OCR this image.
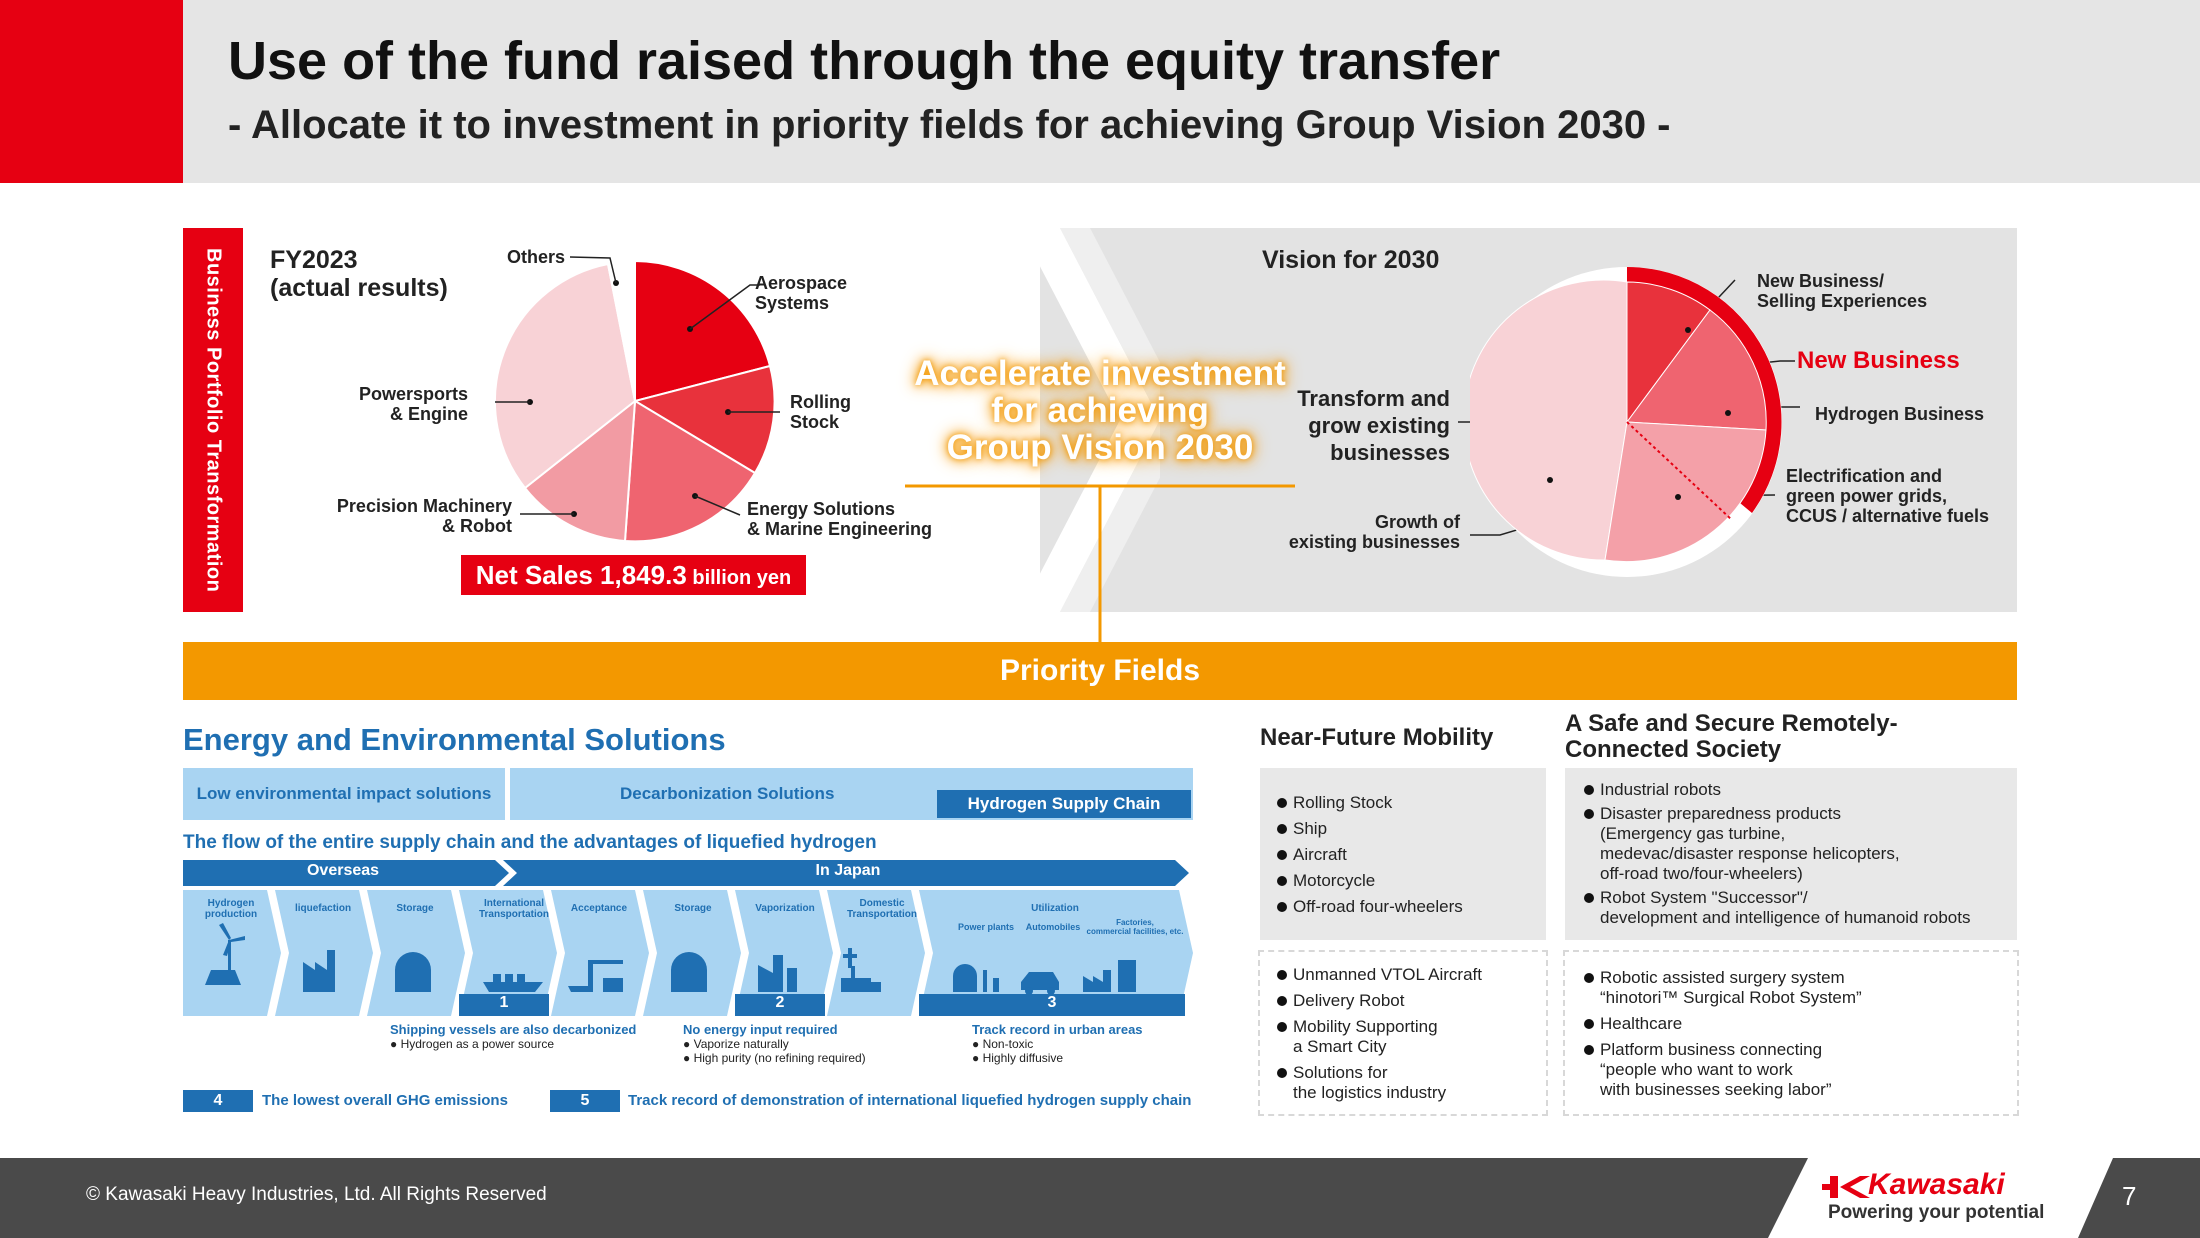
Use of the fund raised through the equity transfer
- Allocate it to investment in priority fields for achieving Group Vision 2030 -
Business Portfolio Transformation FY2023
(actual results)	Aerospace
Systems
Rolling
Stock
Energy Solutions
& Marine Engineering
Precision Machinery
& Robot
Powersports
& Engine
Others
Net Sales 1,849.3 billion yen
Accelerate investment
for achieving
Group Vision 2030
Vision for 2030
New Business/
Selling Experiences
New Business
Hydrogen Business
Electrification and
green power grids,
CCUS / alternative fuels
Growth of
existing businesses
Transform and
grow existing
businesses
Priority Fields
Energy and Environmental Solutions
Low environmental impact solutions	Decarbonization Solutions
Hydrogen Supply Chain
The flow of the entire supply chain and the advantages of liquefied hydrogen
Overseas	In Japan
Hydrogen
production
liquefaction	Storage	International
Transportation
Acceptance	Storage	Vaporization	Domestic
Transportation
Utilization
Power plants	Automobiles	Factories,
commercial facilities, etc.
1	2	3
Shipping vessels are also decarbonized
● Hydrogen as a power source
No energy input required
● Vaporize naturally
● High purity (no refining required)
Track record in urban areas
● Non-toxic
● Highly diffusive
4	The lowest overall GHG emissions	5	Track record of demonstration of international liquefied hydrogen supply chain
Near-Future Mobility
Rolling Stock
Ship
Aircraft
Motorcycle
Off-road four-wheelers
Unmanned VTOL Aircraft
Delivery Robot
Mobility Supporting
a Smart City
Solutions for
the logistics industry
A Safe and Secure Remotely-
Connected Society
Industrial robots
Disaster preparedness products
(Emergency gas turbine,
medevac/disaster response helicopters,
off-road two/four-wheelers)
Robot System "Successor"/
development and intelligence of humanoid robots
Robotic assisted surgery system
“hinotori™ Surgical Robot System”
Healthcare
Platform business connecting
“people who want to work
with businesses seeking labor”
© Kawasaki Heavy Industries, Ltd. All Rights Reserved	Kawasaki
Powering your potential
7
